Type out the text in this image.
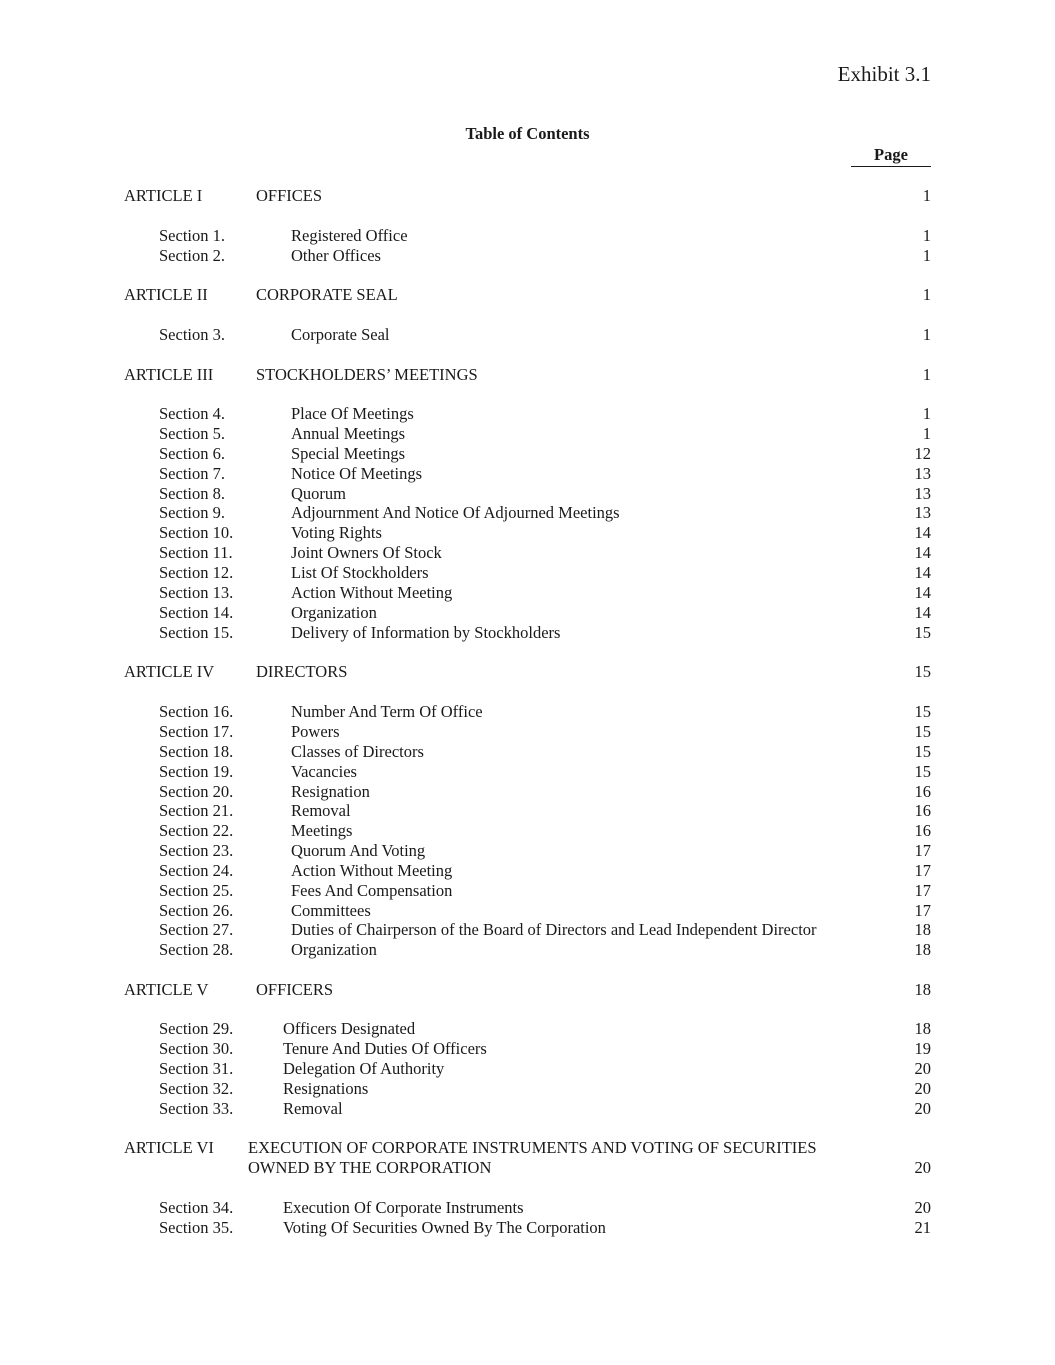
Exhibit 3.1
Table of Contents
Page
ARTICLE I	OFFICES	1
Section 1.	Registered Office	1
Section 2.	Other Offices	1
ARTICLE II	CORPORATE SEAL	1
Section 3.	Corporate Seal	1
ARTICLE III	STOCKHOLDERS’ MEETINGS	1
Section 4.	Place Of Meetings	1
Section 5.	Annual Meetings	1
Section 6.	Special Meetings	12
Section 7.	Notice Of Meetings	13
Section 8.	Quorum	13
Section 9.	Adjournment And Notice Of Adjourned Meetings	13
Section 10.	Voting Rights	14
Section 11.	Joint Owners Of Stock	14
Section 12.	List Of Stockholders	14
Section 13.	Action Without Meeting	14
Section 14.	Organization	14
Section 15.	Delivery of Information by Stockholders	15
ARTICLE IV	DIRECTORS	15
Section 16.	Number And Term Of Office	15
Section 17.	Powers	15
Section 18.	Classes of Directors	15
Section 19.	Vacancies	15
Section 20.	Resignation	16
Section 21.	Removal	16
Section 22.	Meetings	16
Section 23.	Quorum And Voting	17
Section 24.	Action Without Meeting	17
Section 25.	Fees And Compensation	17
Section 26.	Committees	17
Section 27.	Duties of Chairperson of the Board of Directors and Lead Independent Director	18
Section 28.	Organization	18
ARTICLE V	OFFICERS	18
Section 29.	Officers Designated	18
Section 30.	Tenure And Duties Of Officers	19
Section 31.	Delegation Of Authority	20
Section 32.	Resignations	20
Section 33.	Removal	20
ARTICLE VI EXECUTION OF CORPORATE INSTRUMENTS AND VOTING OF SECURITIES
OWNED BY THE CORPORATION	20
Section 34.	Execution Of Corporate Instruments	20
Section 35.	Voting Of Securities Owned By The Corporation	21
